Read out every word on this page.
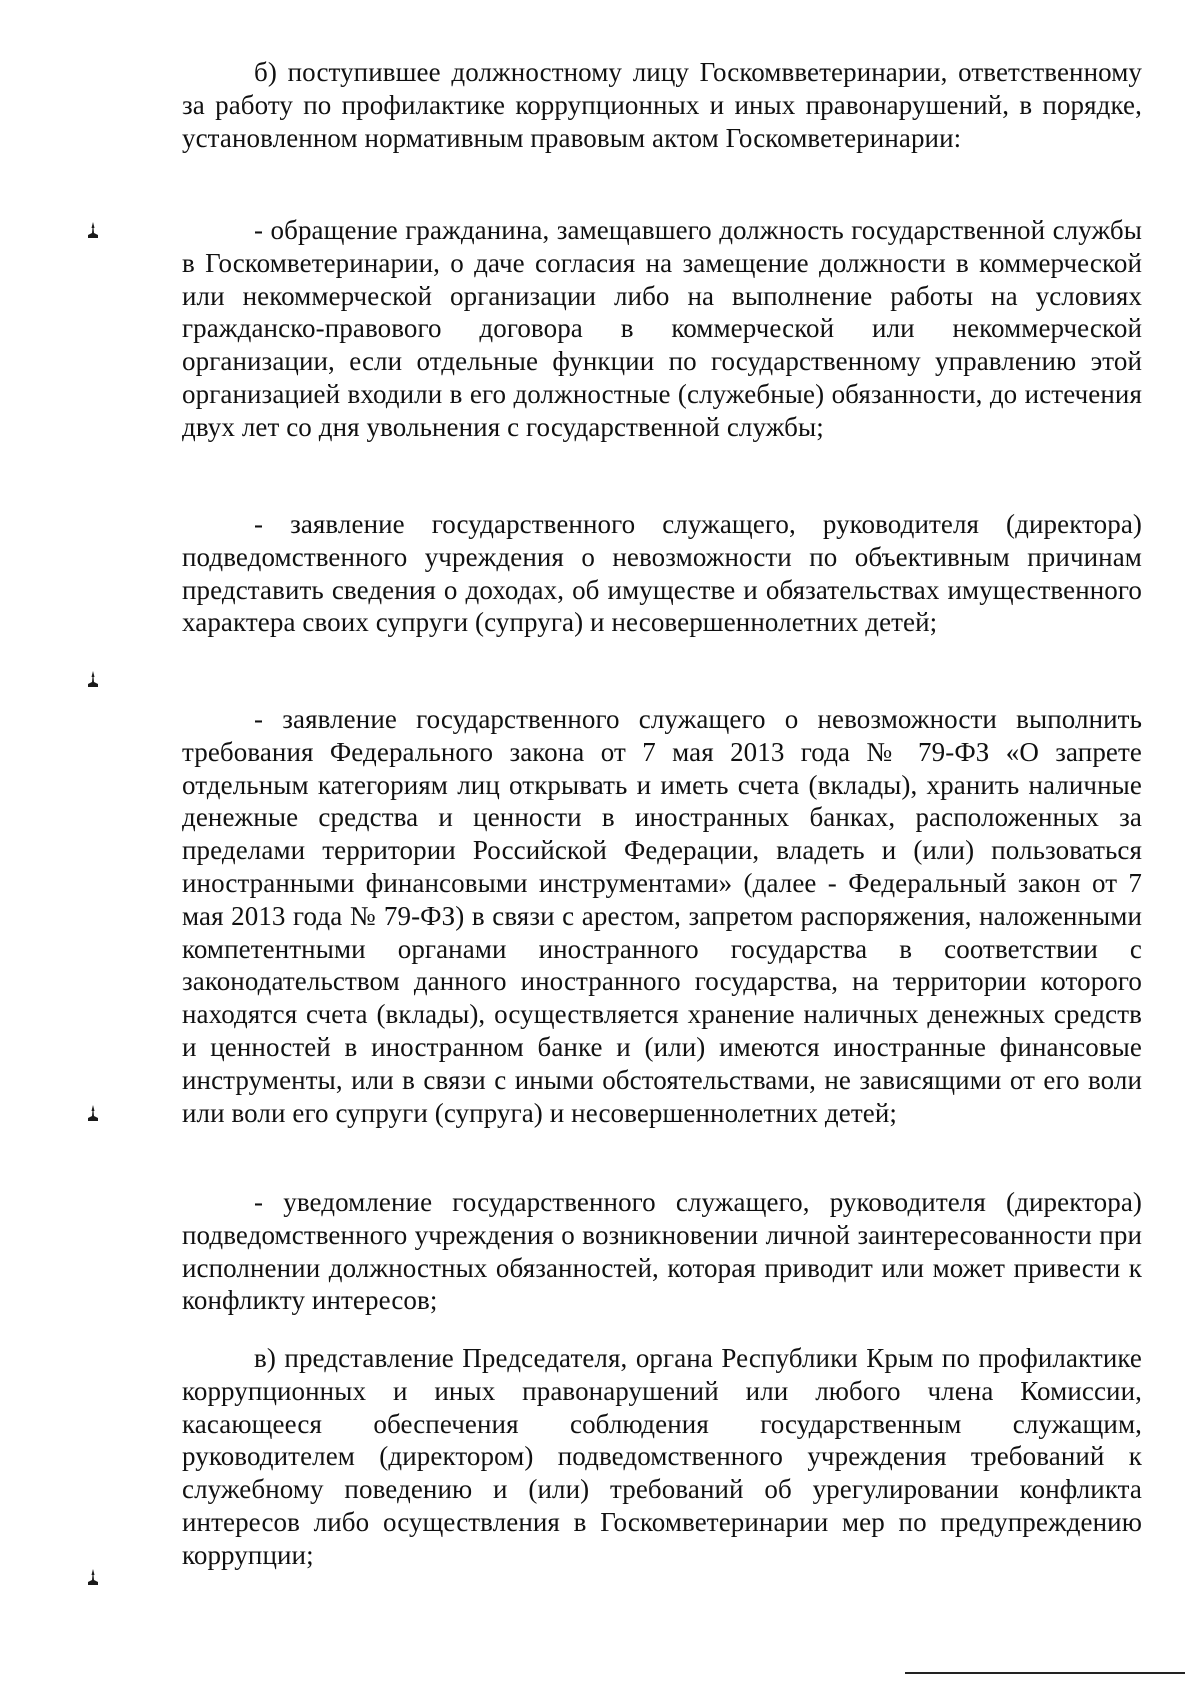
б) поступившее должностному лицу Госкомвветеринарии, ответственному за работу по профилактике коррупционных и иных правонарушений, в порядке, установленном нормативным правовым актом Госкомветеринарии:

- обращение гражданина, замещавшего должность государственной службы в Госкомветеринарии, о даче согласия на замещение должности в коммерческой или некоммерческой организации либо на выполнение работы на условиях гражданско-правового договора в коммерческой или некоммерческой организации, если отдельные функции по государственному управлению этой организацией входили в его должностные (служебные) обязанности, до истечения двух лет со дня увольнения с государственной службы;

- заявление государственного служащего, руководителя (директора) подведомственного учреждения о невозможности по объективным причинам представить сведения о доходах, об имуществе и обязательствах имущественного характера своих супруги (супруга) и несовершеннолетних детей;

- заявление государственного служащего о невозможности выполнить требования Федерального закона от 7 мая 2013 года № 79-ФЗ «О запрете отдельным категориям лиц открывать и иметь счета (вклады), хранить наличные денежные средства и ценности в иностранных банках, расположенных за пределами территории Российской Федерации, владеть и (или) пользоваться иностранными финансовыми инструментами» (далее - Федеральный закон от 7 мая 2013 года № 79-ФЗ) в связи с арестом, запретом распоряжения, наложенными компетентными органами иностранного государства в соответствии с законодательством данного иностранного государства, на территории которого находятся счета (вклады), осуществляется хранение наличных денежных средств и ценностей в иностранном банке и (или) имеются иностранные финансовые инструменты, или в связи с иными обстоятельствами, не зависящими от его воли или воли его супруги (супруга) и несовершеннолетних детей;

- уведомление государственного служащего, руководителя (директора) подведомственного учреждения о возникновении личной заинтересованности при исполнении должностных обязанностей, которая приводит или может привести к конфликту интересов;

в) представление Председателя, органа Республики Крым по профилактике коррупционных и иных правонарушений или любого члена Комиссии, касающееся обеспечения соблюдения государственным служащим, руководителем (директором) подведомственного учреждения требований к служебному поведению и (или) требований об урегулировании конфликта интересов либо осуществления в Госкомветеринарии мер по предупреждению коррупции;
